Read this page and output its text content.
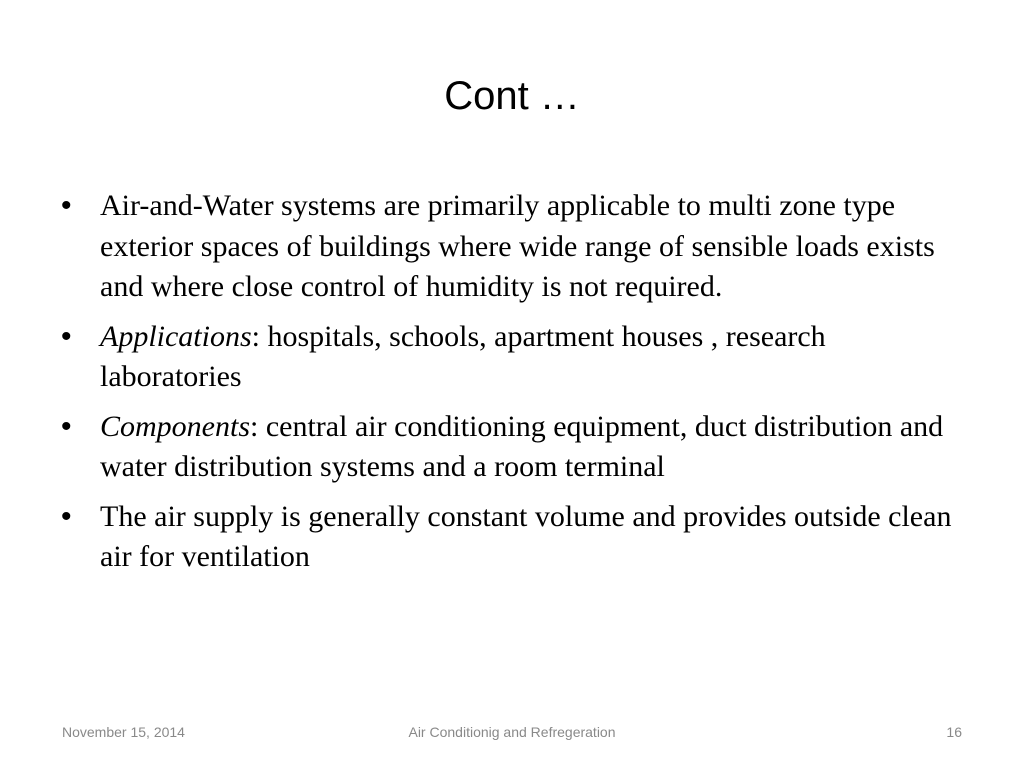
Cont …
• Air-and-Water systems are primarily applicable to multi zone type exterior spaces of buildings where wide range of sensible loads exists and where close control of humidity is not required.
• Applications: hospitals, schools, apartment houses , research laboratories
• Components: central air conditioning equipment, duct distribution and water distribution systems and a room terminal
• The air supply is generally constant volume and provides outside clean air for ventilation
November 15, 2014	Air Conditionig and Refregeration	16
